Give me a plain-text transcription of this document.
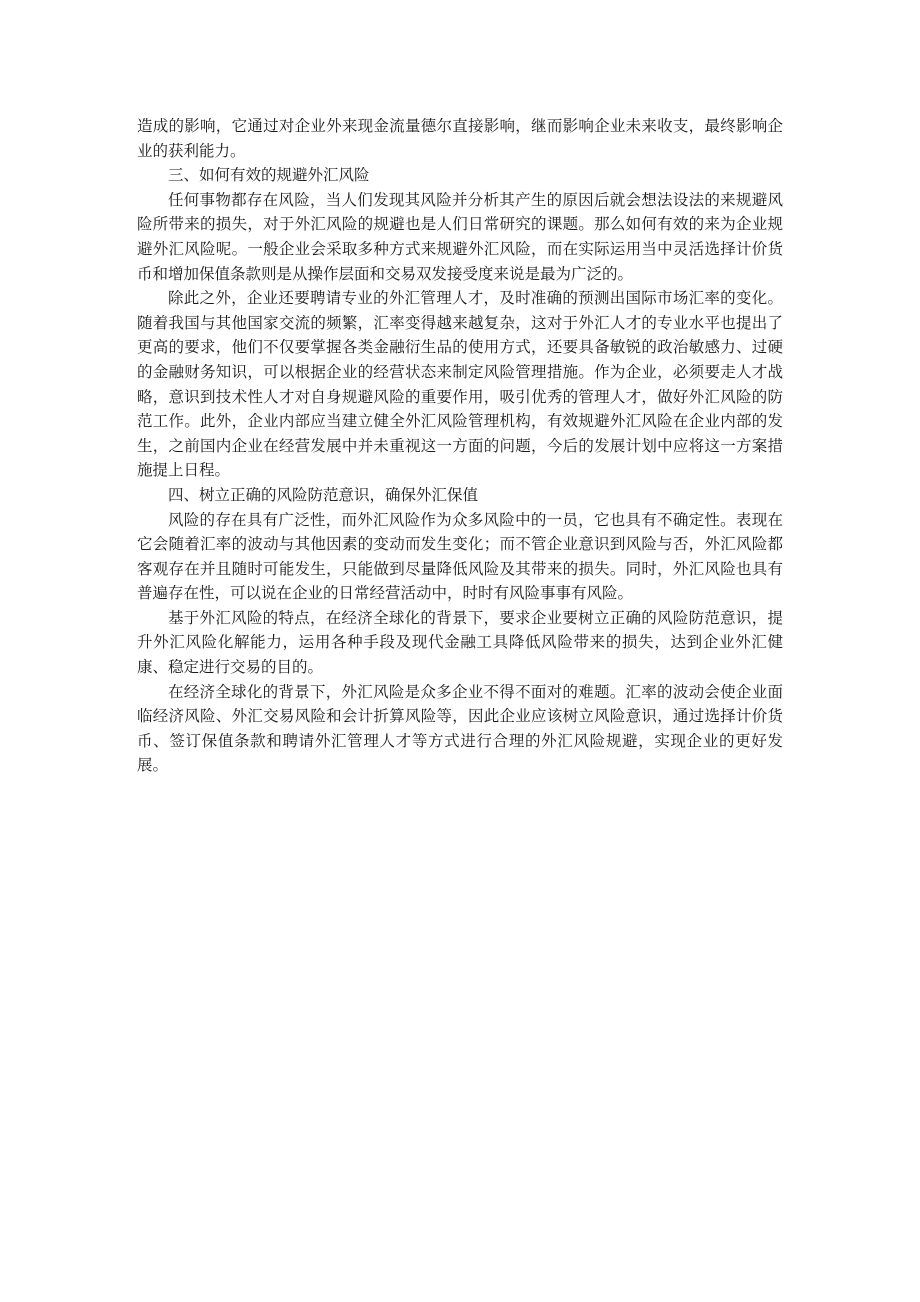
造成的影响，它通过对企业外来现金流量德尔直接影响，继而影响企业未来收支，最终影响企业的获利能力。

三、如何有效的规避外汇风险

任何事物都存在风险，当人们发现其风险并分析其产生的原因后就会想法设法的来规避风险所带来的损失，对于外汇风险的规避也是人们日常研究的课题。那么如何有效的来为企业规避外汇风险呢。一般企业会采取多种方式来规避外汇风险，而在实际运用当中灵活选择计价货币和增加保值条款则是从操作层面和交易双发接受度来说是最为广泛的。

除此之外，企业还要聘请专业的外汇管理人才，及时准确的预测出国际市场汇率的变化。随着我国与其他国家交流的频繁，汇率变得越来越复杂，这对于外汇人才的专业水平也提出了更高的要求，他们不仅要掌握各类金融衍生品的使用方式，还要具备敏锐的政治敏感力、过硬的金融财务知识，可以根据企业的经营状态来制定风险管理措施。作为企业，必须要走人才战略，意识到技术性人才对自身规避风险的重要作用，吸引优秀的管理人才，做好外汇风险的防范工作。此外，企业内部应当建立健全外汇风险管理机构，有效规避外汇风险在企业内部的发生，之前国内企业在经营发展中并未重视这一方面的问题，今后的发展计划中应将这一方案措施提上日程。

四、树立正确的风险防范意识，确保外汇保值

风险的存在具有广泛性，而外汇风险作为众多风险中的一员，它也具有不确定性。表现在它会随着汇率的波动与其他因素的变动而发生变化；而不管企业意识到风险与否，外汇风险都客观存在并且随时可能发生，只能做到尽量降低风险及其带来的损失。同时，外汇风险也具有普遍存在性，可以说在企业的日常经营活动中，时时有风险事事有风险。

基于外汇风险的特点，在经济全球化的背景下，要求企业要树立正确的风险防范意识，提升外汇风险化解能力，运用各种手段及现代金融工具降低风险带来的损失，达到企业外汇健康、稳定进行交易的目的。

在经济全球化的背景下，外汇风险是众多企业不得不面对的难题。汇率的波动会使企业面临经济风险、外汇交易风险和会计折算风险等，因此企业应该树立风险意识，通过选择计价货币、签订保值条款和聘请外汇管理人才等方式进行合理的外汇风险规避，实现企业的更好发展。
